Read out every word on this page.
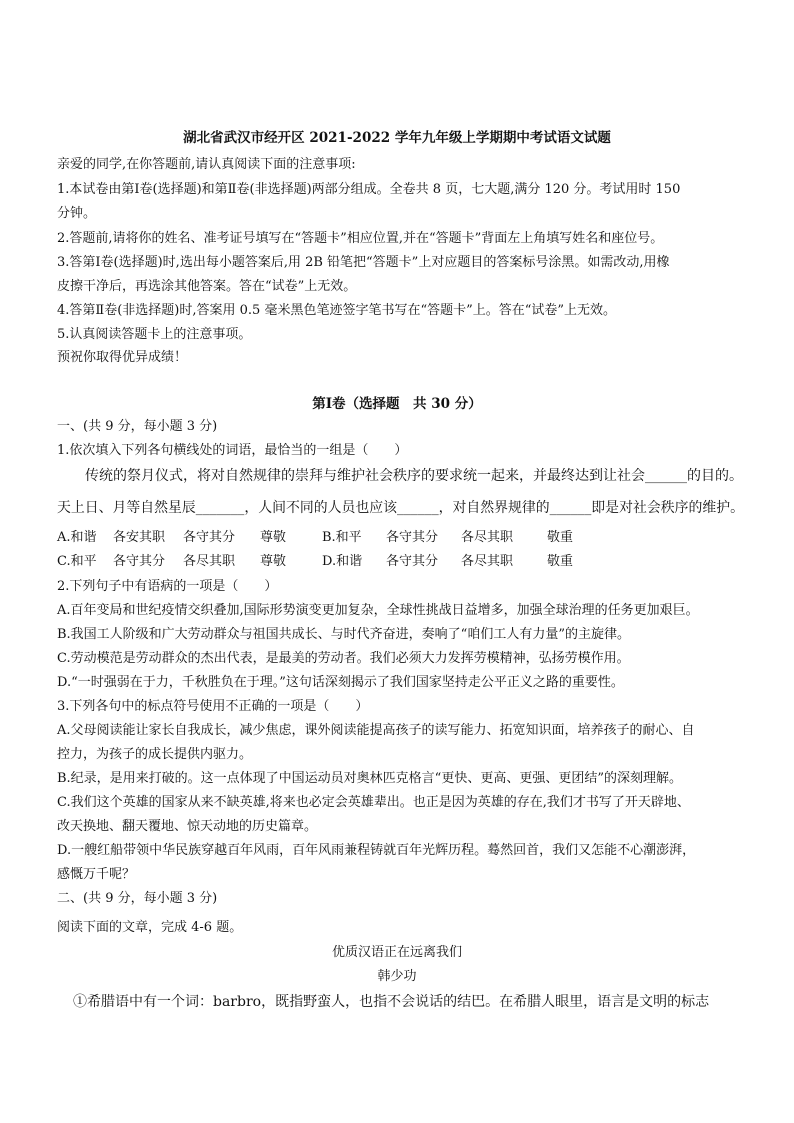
湖北省武汉市经开区 2021-2022 学年九年级上学期期中考试语文试题
亲爱的同学,在你答题前,请认真阅读下面的注意事项:
1.本试卷由第Ⅰ卷(选择题)和第Ⅱ卷(非选择题)两部分组成。全卷共 8 页，七大题,满分 120 分。考试用时 150
分钟。
2.答题前,请将你的姓名、准考证号填写在“答题卡”相应位置,并在“答题卡”背面左上角填写姓名和座位号。
3.答第Ⅰ卷(选择题)时,选出每小题答案后,用 2B 铅笔把“答题卡”上对应题目的答案标号涂黑。如需改动,用橡
皮擦干净后，再选涂其他答案。答在“试卷”上无效。
4.答第Ⅱ卷(非选择题)时,答案用 0.5 毫米黑色笔迹签字笔书写在“答题卡”上。答在“试卷”上无效。
5.认真阅读答题卡上的注意事项。
预祝你取得优异成绩！
第Ⅰ卷（选择题　共 30 分）
一、(共 9 分，每小题 3 分)
1.依次填入下列各句横线处的词语，最恰当的一组是（　　）
传统的祭月仪式，将对自然规律的崇拜与维护社会秩序的要求统一起来，并最终达到让社会______的目的。
天上日、月等自然星辰_______，人间不同的人员也应该______，对自然界规律的______即是对社会秩序的维护。
A.和谐 各安其职 各守其分 尊敬	B.和平 各守其分 各尽其职	敬重
C.和平 各守其分 各尽其职 尊敬	D.和谐 各守其分 各尽其职	敬重
2.下列句子中有语病的一项是（　　）
A.百年变局和世纪疫情交织叠加,国际形势演变更加复杂，全球性挑战日益增多，加强全球治理的任务更加艰巨。
B.我国工人阶级和广大劳动群众与祖国共成长、与时代齐奋进，奏响了“咱们工人有力量”的主旋律。
C.劳动模范是劳动群众的杰出代表，是最美的劳动者。我们必须大力发挥劳模精神，弘扬劳模作用。
D.“一时强弱在于力，千秋胜负在于理。”这句话深刻揭示了我们国家坚持走公平正义之路的重要性。
3.下列各句中的标点符号使用不正确的一项是（　　）
A.父母阅读能让家长自我成长，减少焦虑，课外阅读能提高孩子的读写能力、拓宽知识面，培养孩子的耐心、自
控力，为孩子的成长提供内驱力。
B.纪录，是用来打破的。这一点体现了中国运动员对奥林匹克格言“更快、更高、更强、更团结”的深刻理解。
C.我们这个英雄的国家从来不缺英雄,将来也必定会英雄辈出。也正是因为英雄的存在,我们才书写了开天辟地、
改天换地、翻天覆地、惊天动地的历史篇章。
D.一艘红船带领中华民族穿越百年风雨，百年风雨兼程铸就百年光辉历程。蓦然回首，我们又怎能不心潮澎湃，
感慨万千呢？
二、(共 9 分，每小题 3 分)
阅读下面的文章，完成 4-6 题。
优质汉语正在远离我们
韩少功
①希腊语中有一个词：barbro，既指野蛮人，也指不会说话的结巴。在希腊人眼里，语言是文明的标志
